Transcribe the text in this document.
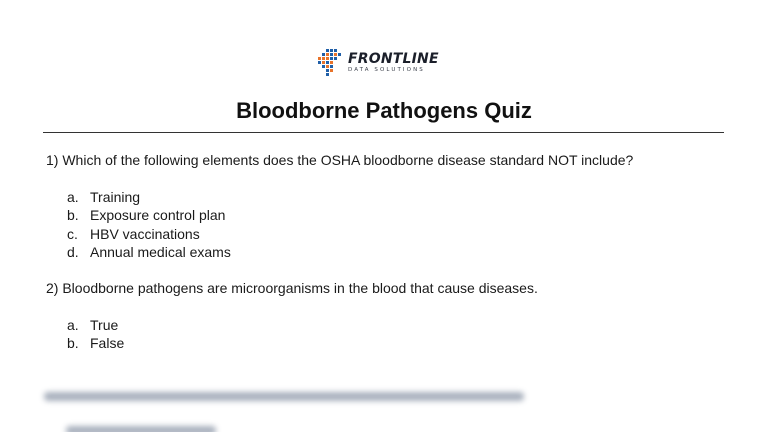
FRONTLINE
DATA SOLUTIONS
Bloodborne Pathogens Quiz

1) Which of the following elements does the OSHA bloodborne disease standard NOT include?

a. Training
b. Exposure control plan
c. HBV vaccinations
d. Annual medical exams

2) Bloodborne pathogens are microorganisms in the blood that cause diseases.

a. True
b. False
